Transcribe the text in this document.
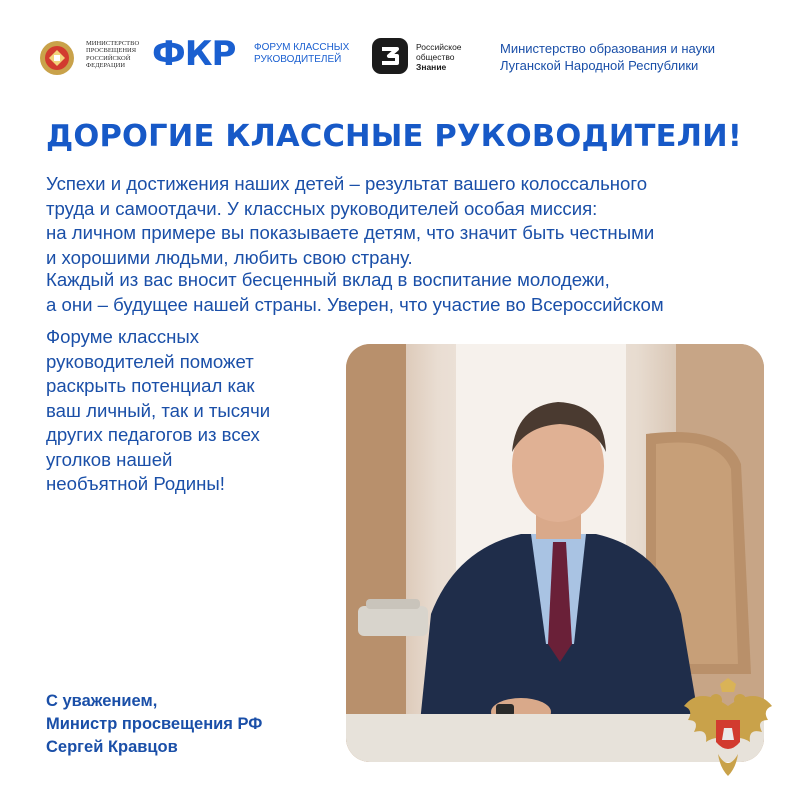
МИНИСТЕРСТВО ПРОСВЕЩЕНИЯ РОССИЙСКОЙ ФЕДЕРАЦИИ ФКР ФОРУМ КЛАССНЫХ РУКОВОДИТЕЛЕЙ
Российское
общество
Знание
Министерство образования и науки
Луганской Народной Республики
ДОРОГИЕ КЛАССНЫЕ РУКОВОДИТЕЛИ!
Успехи и достижения наших детей – результат вашего колоссального
труда и самоотдачи. У классных руководителей особая миссия:
на личном примере вы показываете детям, что значит быть честными
и хорошими людьми, любить свою страну.
Каждый из вас вносит бесценный вклад в воспитание молодежи,
а они – будущее нашей страны. Уверен, что участие во Всероссийском
Форуме классных
руководителей поможет
раскрыть потенциал как
ваш личный, так и тысячи
других педагогов из всех
уголков нашей
необъятной Родины!
С уважением,
Министр просвещения РФ
Сергей Кравцов
